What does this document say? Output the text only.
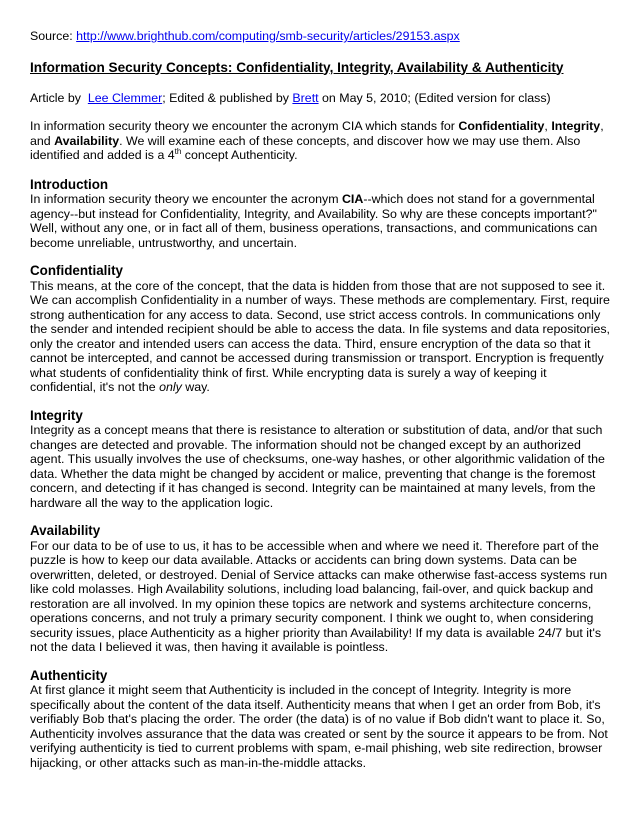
Source: http://www.brighthub.com/computing/smb-security/articles/29153.aspx

Information Security Concepts: Confidentiality, Integrity, Availability & Authenticity

Article by  Lee Clemmer; Edited & published by Brett on May 5, 2010; (Edited version for class)

In information security theory we encounter the acronym CIA which stands for Confidentiality, Integrity, and Availability. We will examine each of these concepts, and discover how we may use them. Also identified and added is a 4th concept Authenticity.

Introduction

In information security theory we encounter the acronym CIA--which does not stand for a governmental agency--but instead for Confidentiality, Integrity, and Availability. So why are these concepts important?" Well, without any one, or in fact all of them, business operations, transactions, and communications can become unreliable, untrustworthy, and uncertain.

Confidentiality

This means, at the core of the concept, that the data is hidden from those that are not supposed to see it. We can accomplish Confidentiality in a number of ways. These methods are complementary. First, require strong authentication for any access to data. Second, use strict access controls. In communications only the sender and intended recipient should be able to access the data. In file systems and data repositories, only the creator and intended users can access the data. Third, ensure encryption of the data so that it cannot be intercepted, and cannot be accessed during transmission or transport. Encryption is frequently what students of confidentiality think of first. While encrypting data is surely a way of keeping it confidential, it's not the only way.

Integrity

Integrity as a concept means that there is resistance to alteration or substitution of data, and/or that such changes are detected and provable. The information should not be changed except by an authorized agent. This usually involves the use of checksums, one-way hashes, or other algorithmic validation of the data. Whether the data might be changed by accident or malice, preventing that change is the foremost concern, and detecting if it has changed is second. Integrity can be maintained at many levels, from the hardware all the way to the application logic.

Availability

For our data to be of use to us, it has to be accessible when and where we need it. Therefore part of the puzzle is how to keep our data available. Attacks or accidents can bring down systems. Data can be overwritten, deleted, or destroyed. Denial of Service attacks can make otherwise fast-access systems run like cold molasses. High Availability solutions, including load balancing, fail-over, and quick backup and restoration are all involved. In my opinion these topics are network and systems architecture concerns, operations concerns, and not truly a primary security component. I think we ought to, when considering security issues, place Authenticity as a higher priority than Availability! If my data is available 24/7 but it's not the data I believed it was, then having it available is pointless.

Authenticity

At first glance it might seem that Authenticity is included in the concept of Integrity. Integrity is more specifically about the content of the data itself. Authenticity means that when I get an order from Bob, it's verifiably Bob that's placing the order. The order (the data) is of no value if Bob didn't want to place it. So, Authenticity involves assurance that the data was created or sent by the source it appears to be from. Not verifying authenticity is tied to current problems with spam, e-mail phishing, web site redirection, browser hijacking, or other attacks such as man-in-the-middle attacks.
